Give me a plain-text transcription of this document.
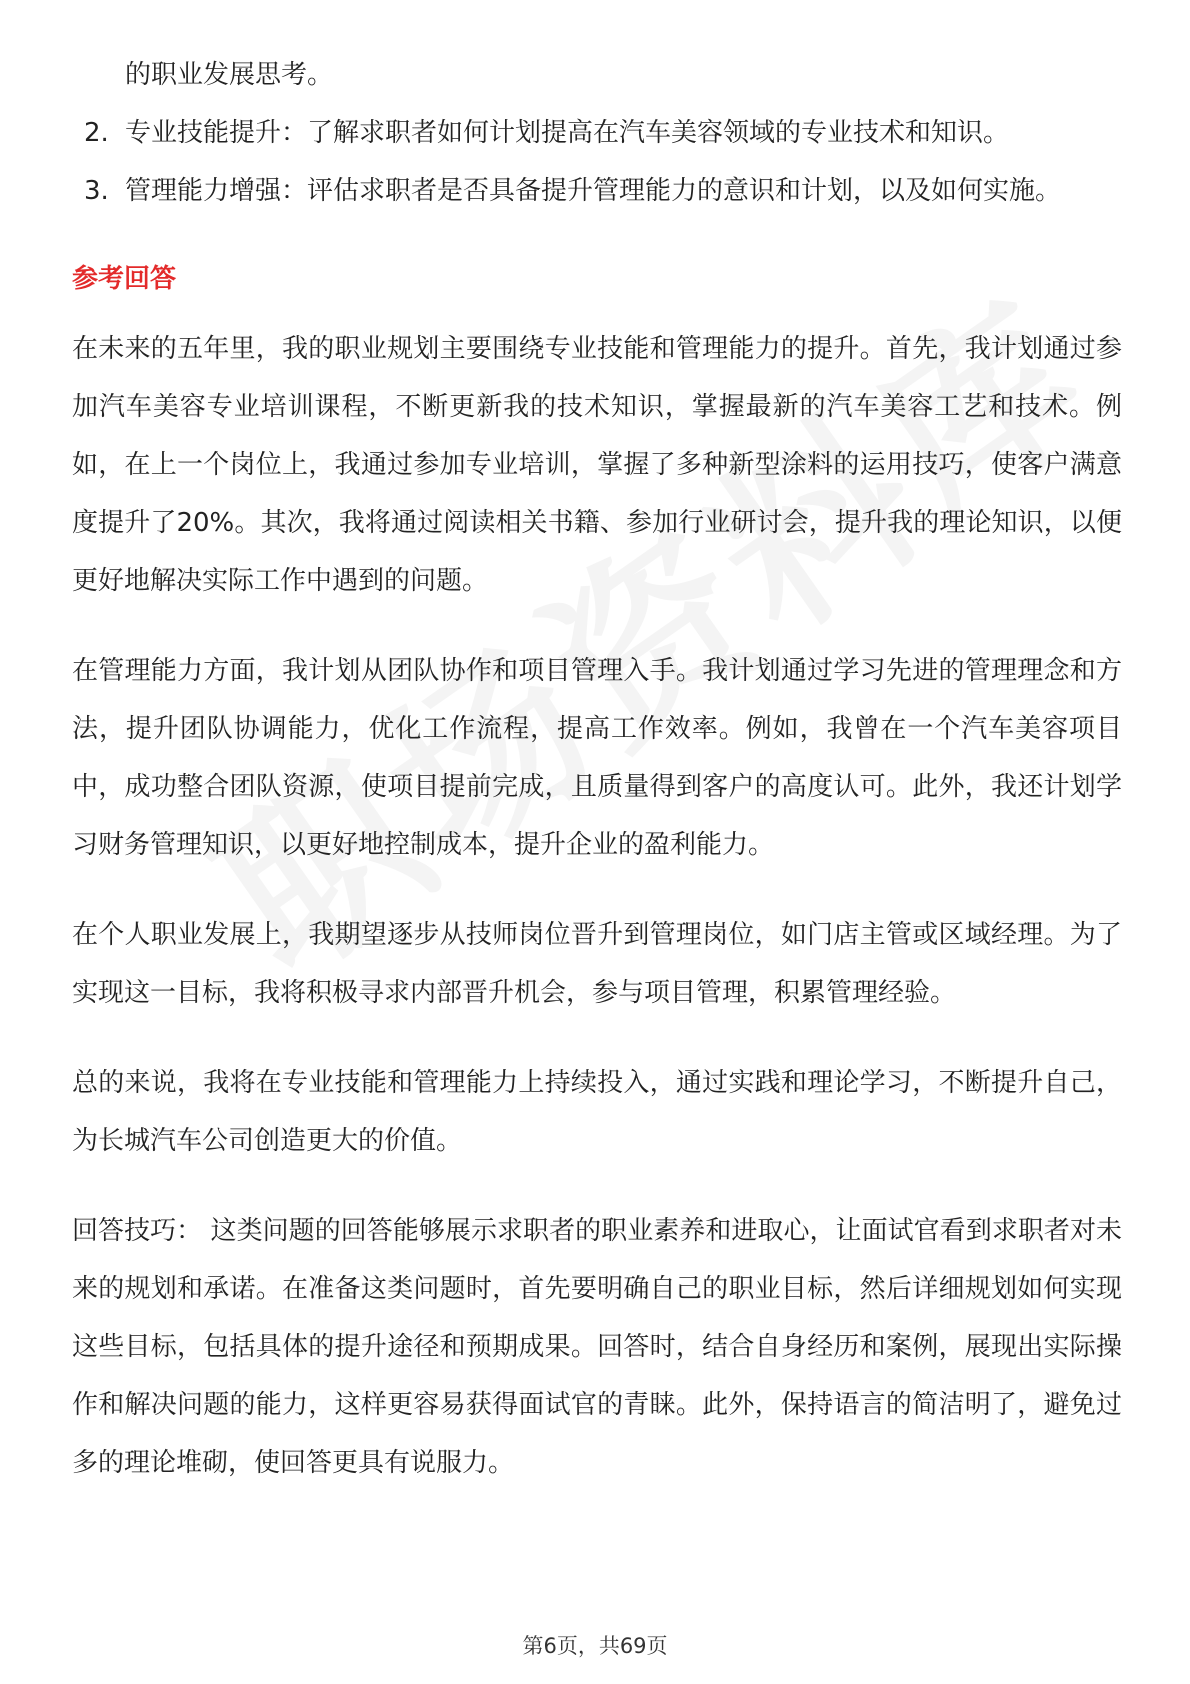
的职业发展思考。

2. 专业技能提升：了解求职者如何计划提高在汽车美容领域的专业技术和知识。
3. 管理能力增强：评估求职者是否具备提升管理能力的意识和计划，以及如何实施。
参考回答

在未来的五年里，我的职业规划主要围绕专业技能和管理能力的提升。首先，我计划通过参加汽车美容专业培训课程，不断更新我的技术知识，掌握最新的汽车美容工艺和技术。例如，在上一个岗位上，我通过参加专业培训，掌握了多种新型涂料的运用技巧，使客户满意度提升了20%。其次，我将通过阅读相关书籍、参加行业研讨会，提升我的理论知识，以便更好地解决实际工作中遇到的问题。

在管理能力方面，我计划从团队协作和项目管理入手。我计划通过学习先进的管理理念和方法，提升团队协调能力，优化工作流程，提高工作效率。例如，我曾在一个汽车美容项目中，成功整合团队资源，使项目提前完成，且质量得到客户的高度认可。此外，我还计划学习财务管理知识，以更好地控制成本，提升企业的盈利能力。

在个人职业发展上，我期望逐步从技师岗位晋升到管理岗位，如门店主管或区域经理。为了实现这一目标，我将积极寻求内部晋升机会，参与项目管理，积累管理经验。

总的来说，我将在专业技能和管理能力上持续投入，通过实践和理论学习，不断提升自己，为长城汽车公司创造更大的价值。

回答技巧： 这类问题的回答能够展示求职者的职业素养和进取心，让面试官看到求职者对未来的规划和承诺。在准备这类问题时，首先要明确自己的职业目标，然后详细规划如何实现这些目标，包括具体的提升途径和预期成果。回答时，结合自身经历和案例，展现出实际操作和解决问题的能力，这样更容易获得面试官的青睐。此外，保持语言的简洁明了，避免过多的理论堆砌，使回答更具有说服力。

第6页，共69页
